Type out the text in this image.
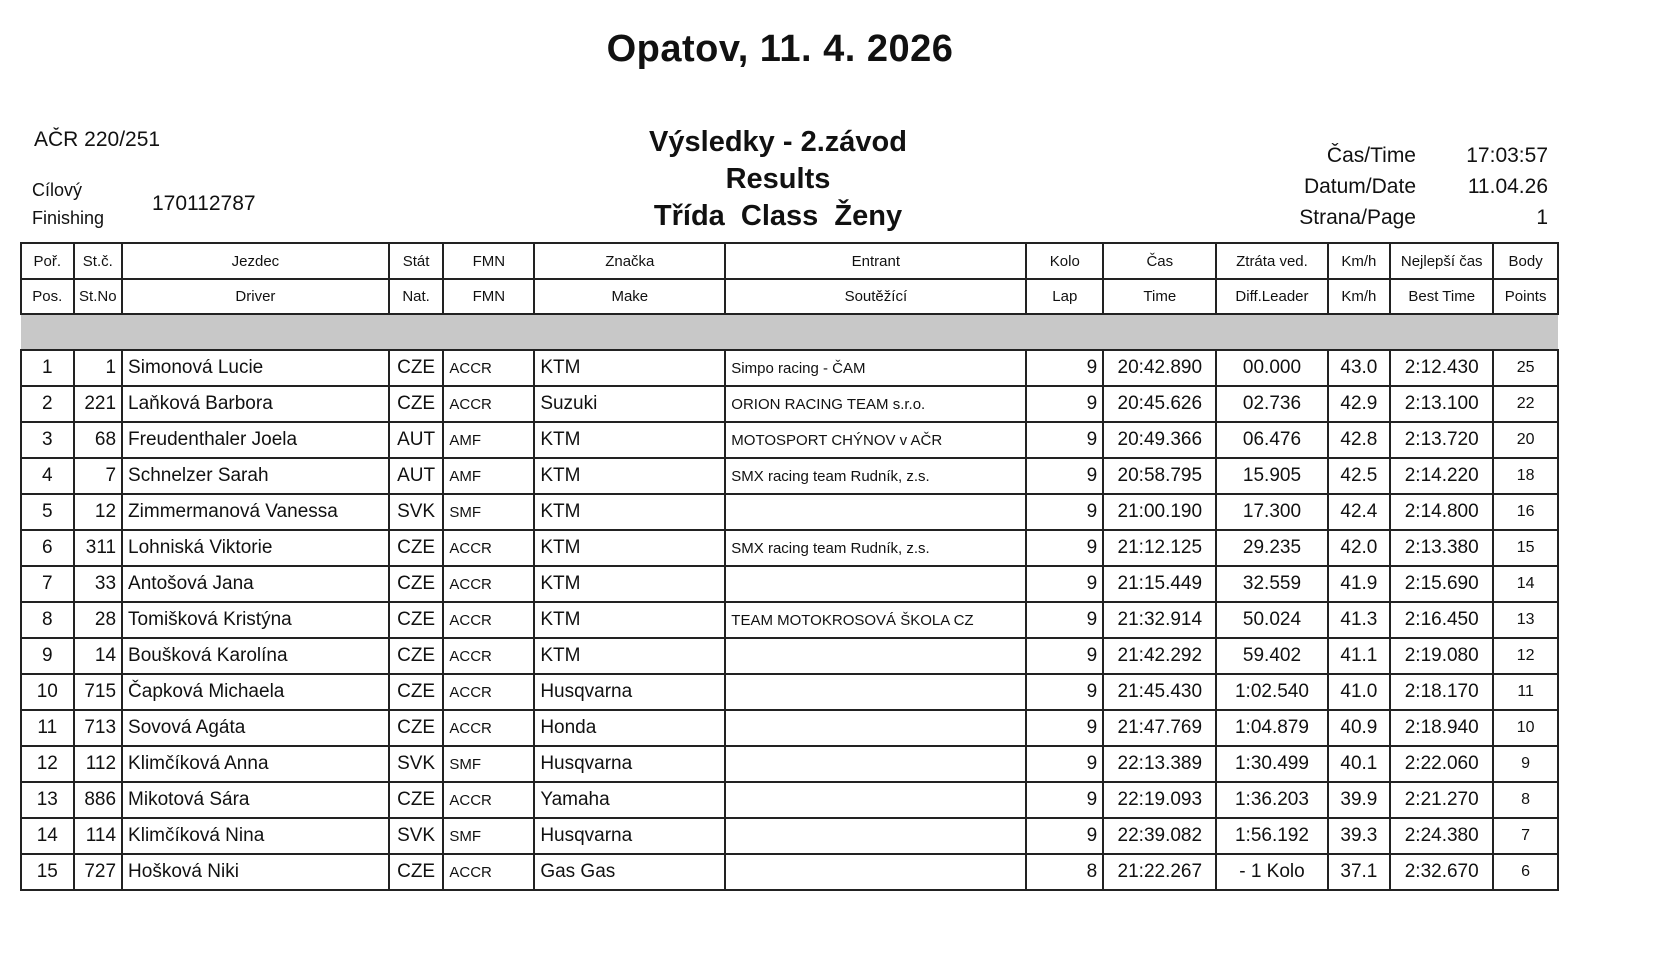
Opatov, 11. 4. 2026
AČR 220/251
Cílový
Finishing
170112787
Výsledky - 2.závod
Results
Třída  Class  Ženy
Čas/Time	17:03:57
Datum/Date	11.04.26
Strana/Page	1
Poř.	St.č.	Jezdec	Stát	FMN	Značka	Entrant	Kolo	Čas	Ztráta ved.	Km/h	Nejlepší čas	Body
Pos.	St.No	Driver	Nat.	FMN	Make	Soutěžící	Lap	Time	Diff.Leader	Km/h	Best Time	Points

1	1	Simonová Lucie	CZE	ACCR	KTM	Simpo racing - ČAM	9	20:42.890	00.000	43.0	2:12.430	25
2	221	Laňková Barbora	CZE	ACCR	Suzuki	ORION RACING TEAM s.r.o.	9	20:45.626	02.736	42.9	2:13.100	22
3	68	Freudenthaler Joela	AUT	AMF	KTM	MOTOSPORT CHÝNOV v AČR	9	20:49.366	06.476	42.8	2:13.720	20
4	7	Schnelzer Sarah	AUT	AMF	KTM	SMX racing team Rudník, z.s.	9	20:58.795	15.905	42.5	2:14.220	18
5	12	Zimmermanová Vanessa	SVK	SMF	KTM		9	21:00.190	17.300	42.4	2:14.800	16
6	311	Lohniská Viktorie	CZE	ACCR	KTM	SMX racing team Rudník, z.s.	9	21:12.125	29.235	42.0	2:13.380	15
7	33	Antošová Jana	CZE	ACCR	KTM		9	21:15.449	32.559	41.9	2:15.690	14
8	28	Tomišková Kristýna	CZE	ACCR	KTM	TEAM MOTOKROSOVÁ ŠKOLA CZ	9	21:32.914	50.024	41.3	2:16.450	13
9	14	Boušková Karolína	CZE	ACCR	KTM		9	21:42.292	59.402	41.1	2:19.080	12
10	715	Čapková Michaela	CZE	ACCR	Husqvarna		9	21:45.430	1:02.540	41.0	2:18.170	11
11	713	Sovová Agáta	CZE	ACCR	Honda		9	21:47.769	1:04.879	40.9	2:18.940	10
12	112	Klimčíková Anna	SVK	SMF	Husqvarna		9	22:13.389	1:30.499	40.1	2:22.060	9
13	886	Mikotová Sára	CZE	ACCR	Yamaha		9	22:19.093	1:36.203	39.9	2:21.270	8
14	114	Klimčíková Nina	SVK	SMF	Husqvarna		9	22:39.082	1:56.192	39.3	2:24.380	7
15	727	Hošková Niki	CZE	ACCR	Gas Gas		8	21:22.267	- 1 Kolo	37.1	2:32.670	6
